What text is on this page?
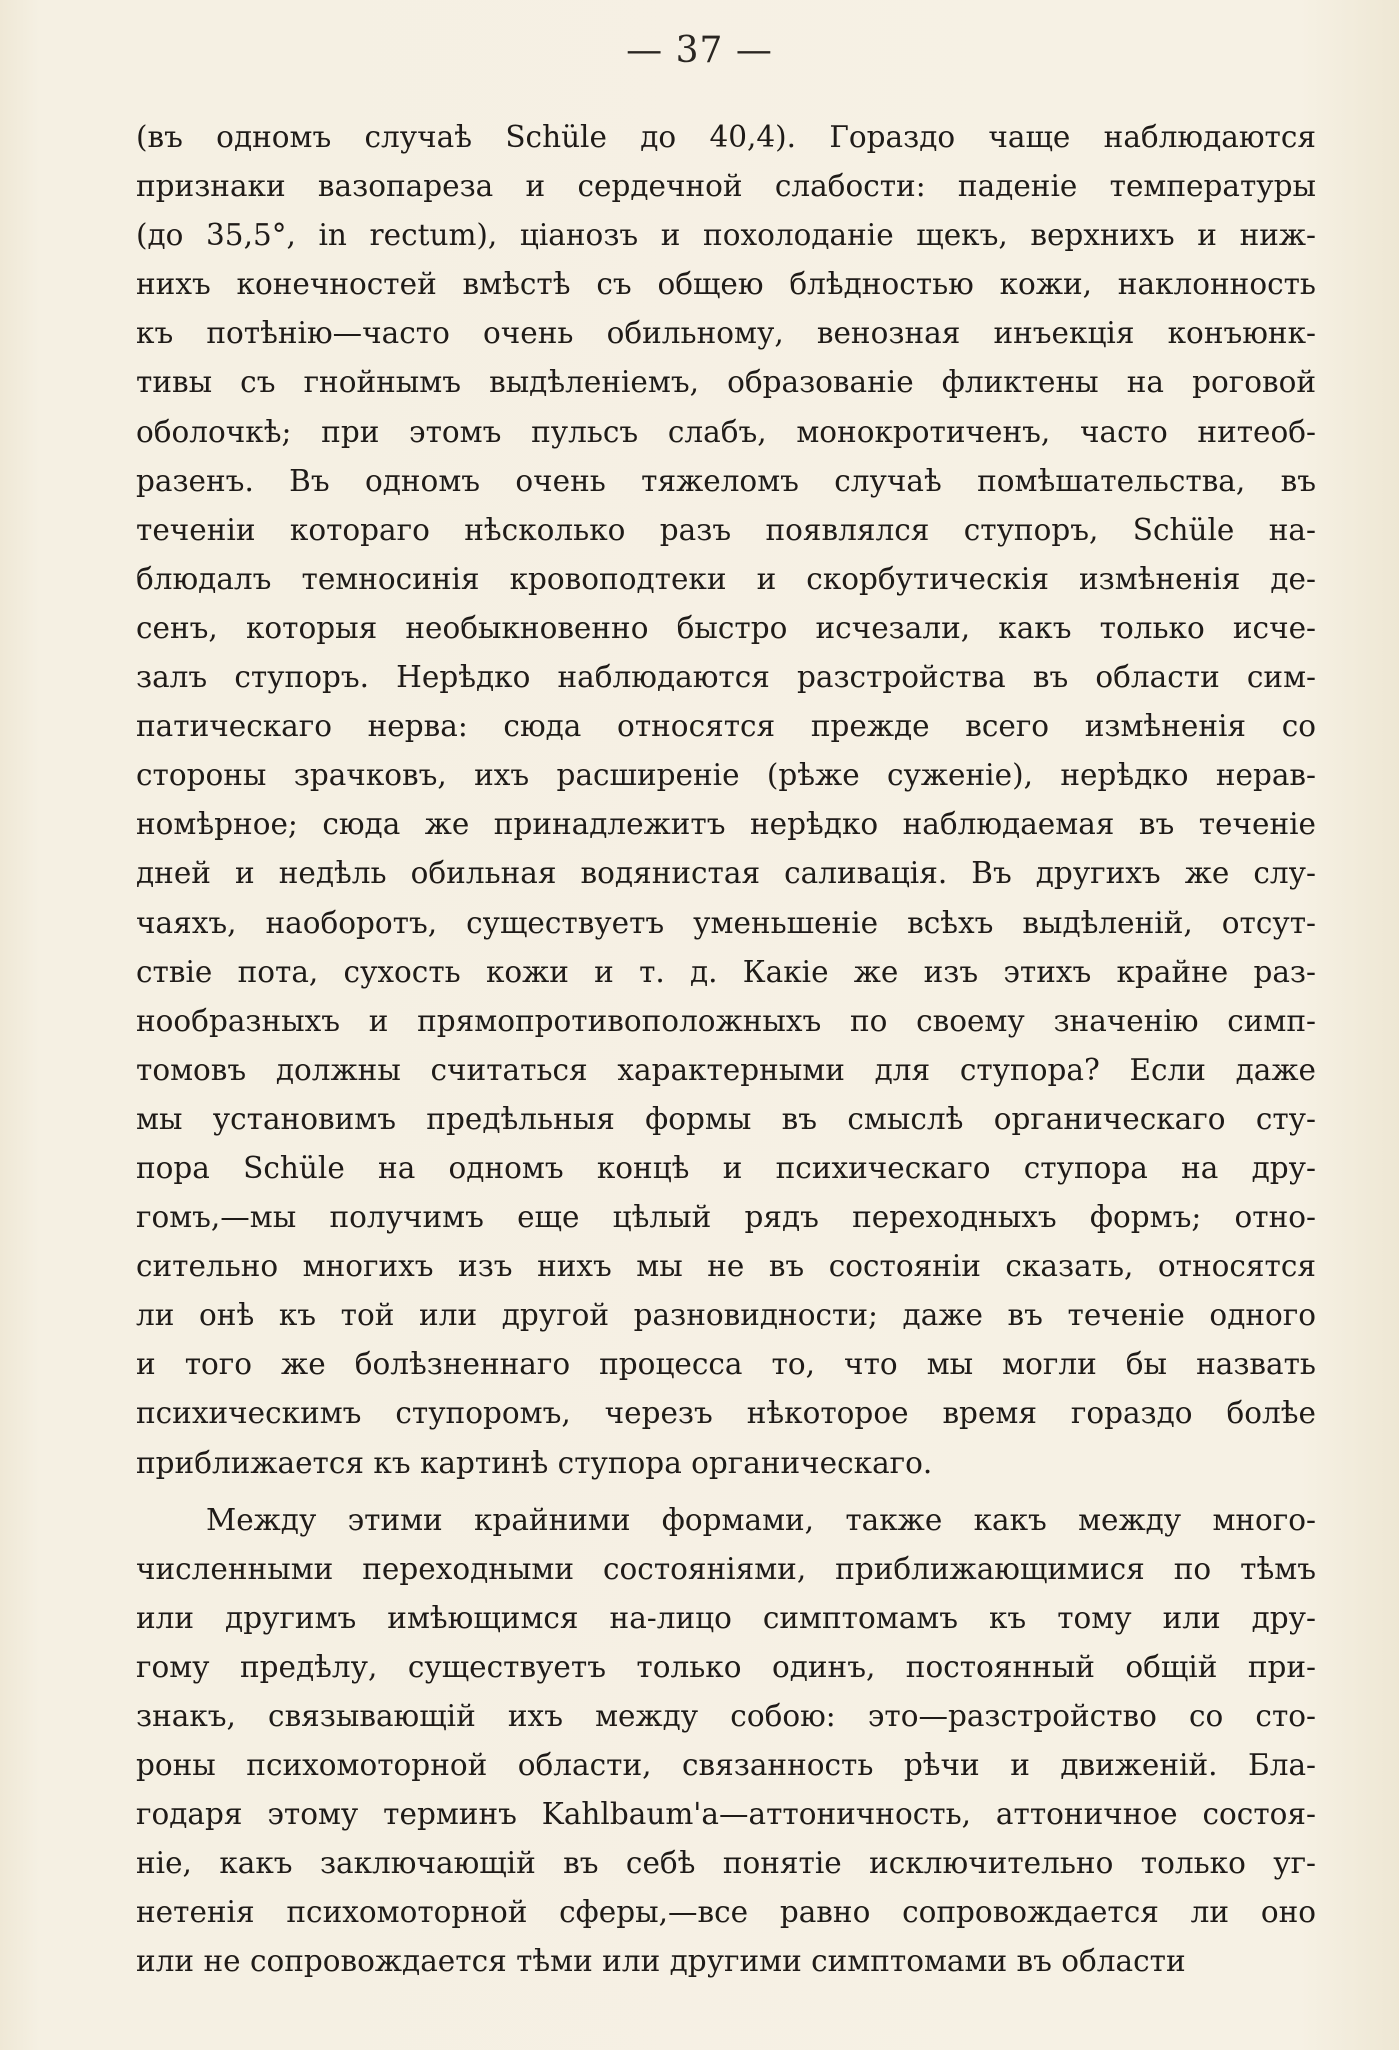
— 37 —
(въ одномъ случаѣ Schüle до 40,4). Гораздо чаще наблюдаются
признаки вазопареза и сердечной слабости: паденіе температуры
(до 35,5°, in rectum), ціанозъ и похолоданіе щекъ, верхнихъ и ниж-
нихъ конечностей вмѣстѣ съ общею блѣдностью кожи, наклонность
къ потѣнію—часто очень обильному, венозная инъекція конъюнк-
тивы съ гнойнымъ выдѣленіемъ, образованіе фликтены на роговой
оболочкѣ; при этомъ пульсъ слабъ, монокротиченъ, часто нитеоб-
разенъ. Въ одномъ очень тяжеломъ случаѣ помѣшательства, въ
теченіи котораго нѣсколько разъ появлялся ступоръ, Schüle на-
блюдалъ темносинія кровоподтеки и скорбутическія измѣненія де-
сенъ, которыя необыкновенно быстро исчезали, какъ только исче-
залъ ступоръ. Нерѣдко наблюдаются разстройства въ области сим-
патическаго нерва: сюда относятся прежде всего измѣненія со
стороны зрачковъ, ихъ расширеніе (рѣже суженіе), нерѣдко нерав-
номѣрное; сюда же принадлежитъ нерѣдко наблюдаемая въ теченіе
дней и недѣль обильная водянистая саливація. Въ другихъ же слу-
чаяхъ, наоборотъ, существуетъ уменьшеніе всѣхъ выдѣленій, отсут-
ствіе пота, сухость кожи и т. д. Какіе же изъ этихъ крайне раз-
нообразныхъ и прямопротивоположныхъ по своему значенію симп-
томовъ должны считаться характерными для ступора? Если даже
мы установимъ предѣльныя формы въ смыслѣ органическаго сту-
пора Schüle на одномъ концѣ и психическаго ступора на дру-
гомъ,—мы получимъ еще цѣлый рядъ переходныхъ формъ; отно-
сительно многихъ изъ нихъ мы не въ состояніи сказать, относятся
ли онѣ къ той или другой разновидности; даже въ теченіе одного
и того же болѣзненнаго процесса то, что мы могли бы назвать
психическимъ ступоромъ, черезъ нѣкоторое время гораздо болѣе
приближается къ картинѣ ступора органическаго.
Между этими крайними формами, также какъ между много-
численными переходными состояніями, приближающимися по тѣмъ
или другимъ имѣющимся на-лицо симптомамъ къ тому или дру-
гому предѣлу, существуетъ только одинъ, постоянный общій при-
знакъ, связывающій ихъ между собою: это—разстройство со сто-
роны психомоторной области, связанность рѣчи и движеній. Бла-
годаря этому терминъ Kahlbaum'а—аттоничность, аттоничное состоя-
ніе, какъ заключающій въ себѣ понятіе исключительно только уг-
нетенія психомоторной сферы,—все равно сопровождается ли оно
или не сопровождается тѣми или другими симптомами въ области
